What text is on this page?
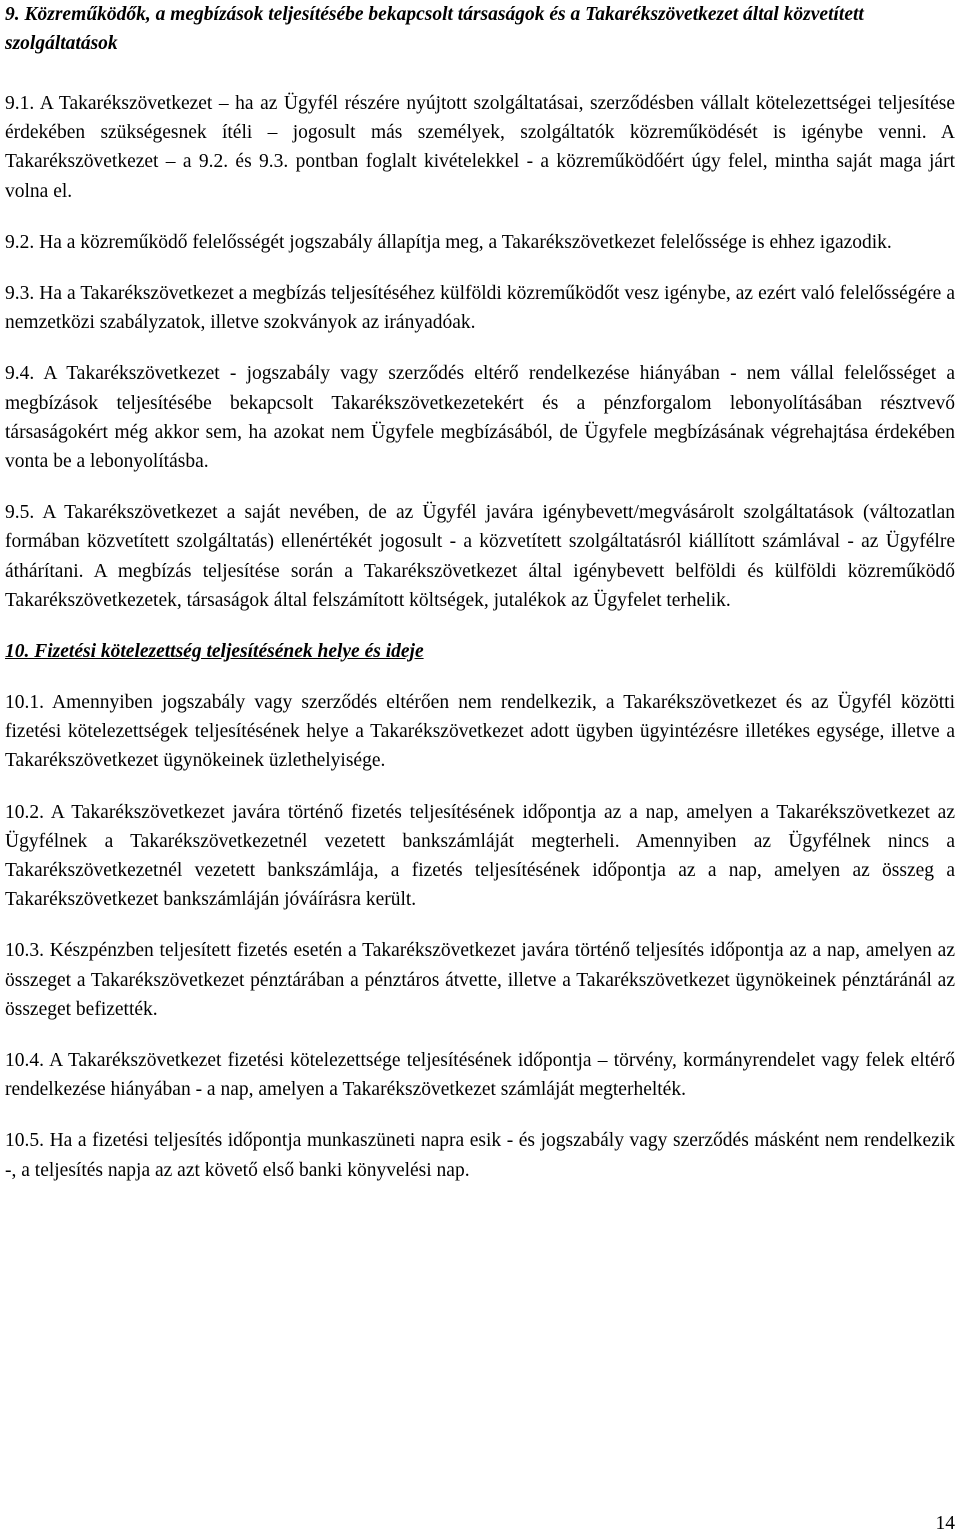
9. Közreműködők, a megbízások teljesítésébe bekapcsolt társaságok és a Takarékszövetkezet által közvetített szolgáltatások

9.1. A Takarékszövetkezet – ha az Ügyfél részére nyújtott szolgáltatásai, szerződésben vállalt kötelezettségei teljesítése érdekében szükségesnek ítéli – jogosult más személyek, szolgáltatók közreműködését is igénybe venni. A Takarékszövetkezet – a 9.2. és 9.3. pontban foglalt kivételekkel - a közreműködőért úgy felel, mintha saját maga járt volna el.

9.2. Ha a közreműködő felelősségét jogszabály állapítja meg, a Takarékszövetkezet felelőssége is ehhez igazodik.

9.3. Ha a Takarékszövetkezet a megbízás teljesítéséhez külföldi közreműködőt vesz igénybe, az ezért való felelősségére a nemzetközi szabályzatok, illetve szokványok az irányadóak.

9.4. A Takarékszövetkezet - jogszabály vagy szerződés eltérő rendelkezése hiányában - nem vállal felelősséget a megbízások teljesítésébe bekapcsolt Takarékszövetkezetekért és a pénzforgalom lebonyolításában résztvevő társaságokért még akkor sem, ha azokat nem Ügyfele megbízásából, de Ügyfele megbízásának végrehajtása érdekében vonta be a lebonyolításba.

9.5. A Takarékszövetkezet a saját nevében, de az Ügyfél javára igénybevett/megvásárolt szolgáltatások (változatlan formában közvetített szolgáltatás) ellenértékét jogosult - a közvetített szolgáltatásról kiállított számlával - az Ügyfélre áthárítani. A megbízás teljesítése során a Takarékszövetkezet által igénybevett belföldi és külföldi közreműködő Takarékszövetkezetek, társaságok által felszámított költségek, jutalékok az Ügyfelet terhelik.

10. Fizetési kötelezettség teljesítésének helye és ideje

10.1. Amennyiben jogszabály vagy szerződés eltérően nem rendelkezik, a Takarékszövetkezet és az Ügyfél közötti fizetési kötelezettségek teljesítésének helye a Takarékszövetkezet adott ügyben ügyintézésre illetékes egysége, illetve a Takarékszövetkezet ügynökeinek üzlethelyisége.

10.2. A Takarékszövetkezet javára történő fizetés teljesítésének időpontja az a nap, amelyen a Takarékszövetkezet az Ügyfélnek a Takarékszövetkezetnél vezetett bankszámláját megterheli. Amennyiben az Ügyfélnek nincs a Takarékszövetkezetnél vezetett bankszámlája, a fizetés teljesítésének időpontja az a nap, amelyen az összeg a Takarékszövetkezet bankszámláján jóváírásra került.

10.3. Készpénzben teljesített fizetés esetén a Takarékszövetkezet javára történő teljesítés időpontja az a nap, amelyen az összeget a Takarékszövetkezet pénztárában a pénztáros átvette, illetve a Takarékszövetkezet ügynökeinek pénztáránál az összeget befizették.

10.4. A Takarékszövetkezet fizetési kötelezettsége teljesítésének időpontja – törvény, kormányrendelet vagy felek eltérő rendelkezése hiányában - a nap, amelyen a Takarékszövetkezet számláját megterhelték.

10.5. Ha a fizetési teljesítés időpontja munkaszüneti napra esik - és jogszabály vagy szerződés másként nem rendelkezik -, a teljesítés napja az azt követő első banki könyvelési nap.

14
